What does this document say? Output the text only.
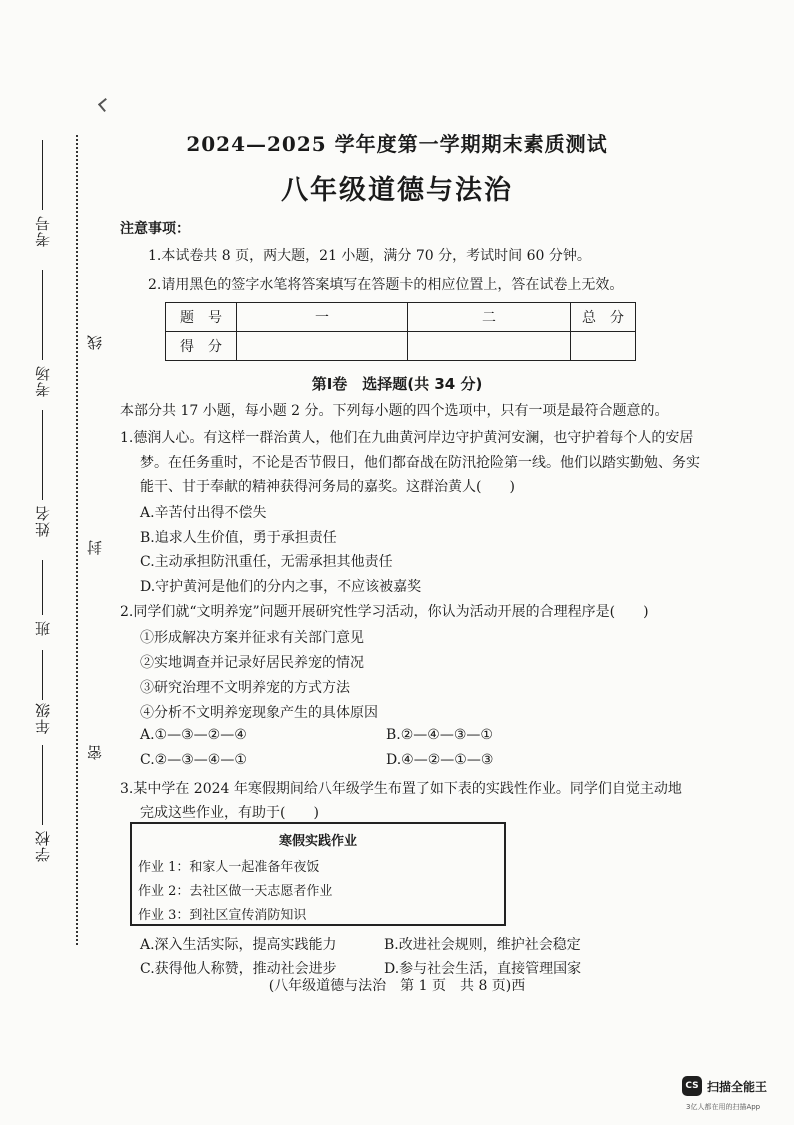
考号
考场
姓名
班
年级
学校
线
封
密
2024—2025 学年度第一学期期末素质测试
八年级道德与法治
注意事项：
1.本试卷共 8 页，两大题，21 小题，满分 70 分，考试时间 60 分钟。
2.请用黑色的签字水笔将答案填写在答题卡的相应位置上，答在试卷上无效。
题　号	一	二	总　分
得　分			
第Ⅰ卷　选择题(共 34 分)
本部分共 17 小题，每小题 2 分。下列每小题的四个选项中，只有一项是最符合题意的。
1.德润人心。有这样一群治黄人，他们在九曲黄河岸边守护黄河安澜，也守护着每个人的安居
梦。在任务重时，不论是否节假日，他们都奋战在防汛抢险第一线。他们以踏实勤勉、务实
能干、甘于奉献的精神获得河务局的嘉奖。这群治黄人(　　)
A.辛苦付出得不偿失
B.追求人生价值，勇于承担责任
C.主动承担防汛重任，无需承担其他责任
D.守护黄河是他们的分内之事，不应该被嘉奖
2.同学们就“文明养宠”问题开展研究性学习活动，你认为活动开展的合理程序是(　　)
①形成解决方案并征求有关部门意见
②实地调查并记录好居民养宠的情况
③研究治理不文明养宠的方式方法
④分析不文明养宠现象产生的具体原因
A.①—③—②—④	B.②—④—③—①
C.②—③—④—①	D.④—②—①—③
3.某中学在 2024 年寒假期间给八年级学生布置了如下表的实践性作业。同学们自觉主动地
完成这些作业，有助于(　　)
寒假实践作业
作业 1：和家人一起准备年夜饭
作业 2：去社区做一天志愿者作业
作业 3：到社区宣传消防知识
A.深入生活实际，提高实践能力	B.改进社会规则，维护社会稳定
C.获得他人称赞，推动社会进步	D.参与社会生活，直接管理国家
(八年级道德与法治　第 1 页　共 8 页)西
CS 扫描全能王
3亿人都在用的扫描App
